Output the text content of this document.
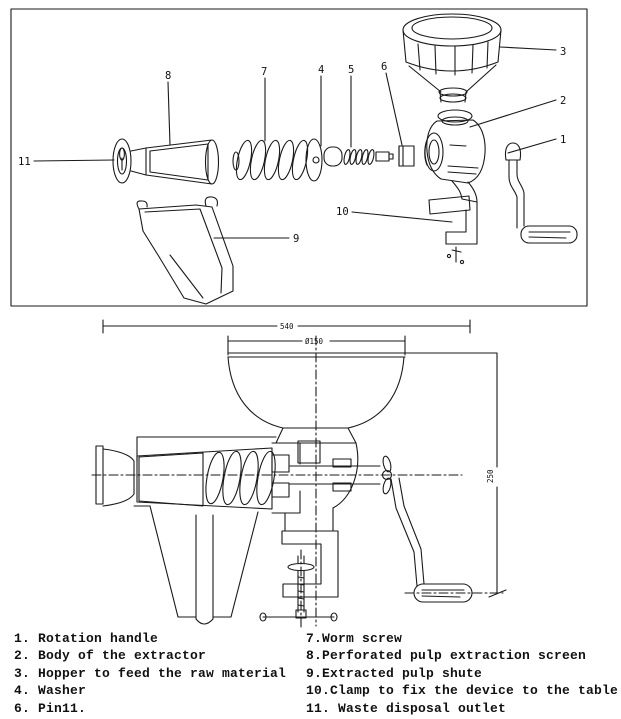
11
8	7	4 5	6
3
2
1
10
9
540
Ø150
250
1. Rotation handle
2. Body of the extractor
3. Hopper to feed the raw material
4. Washer
6. Pin11.
7.Worm screw
8.Perforated pulp extraction screen
9.Extracted pulp shute
10.Clamp to fix the device to the table
11. Waste disposal outlet
